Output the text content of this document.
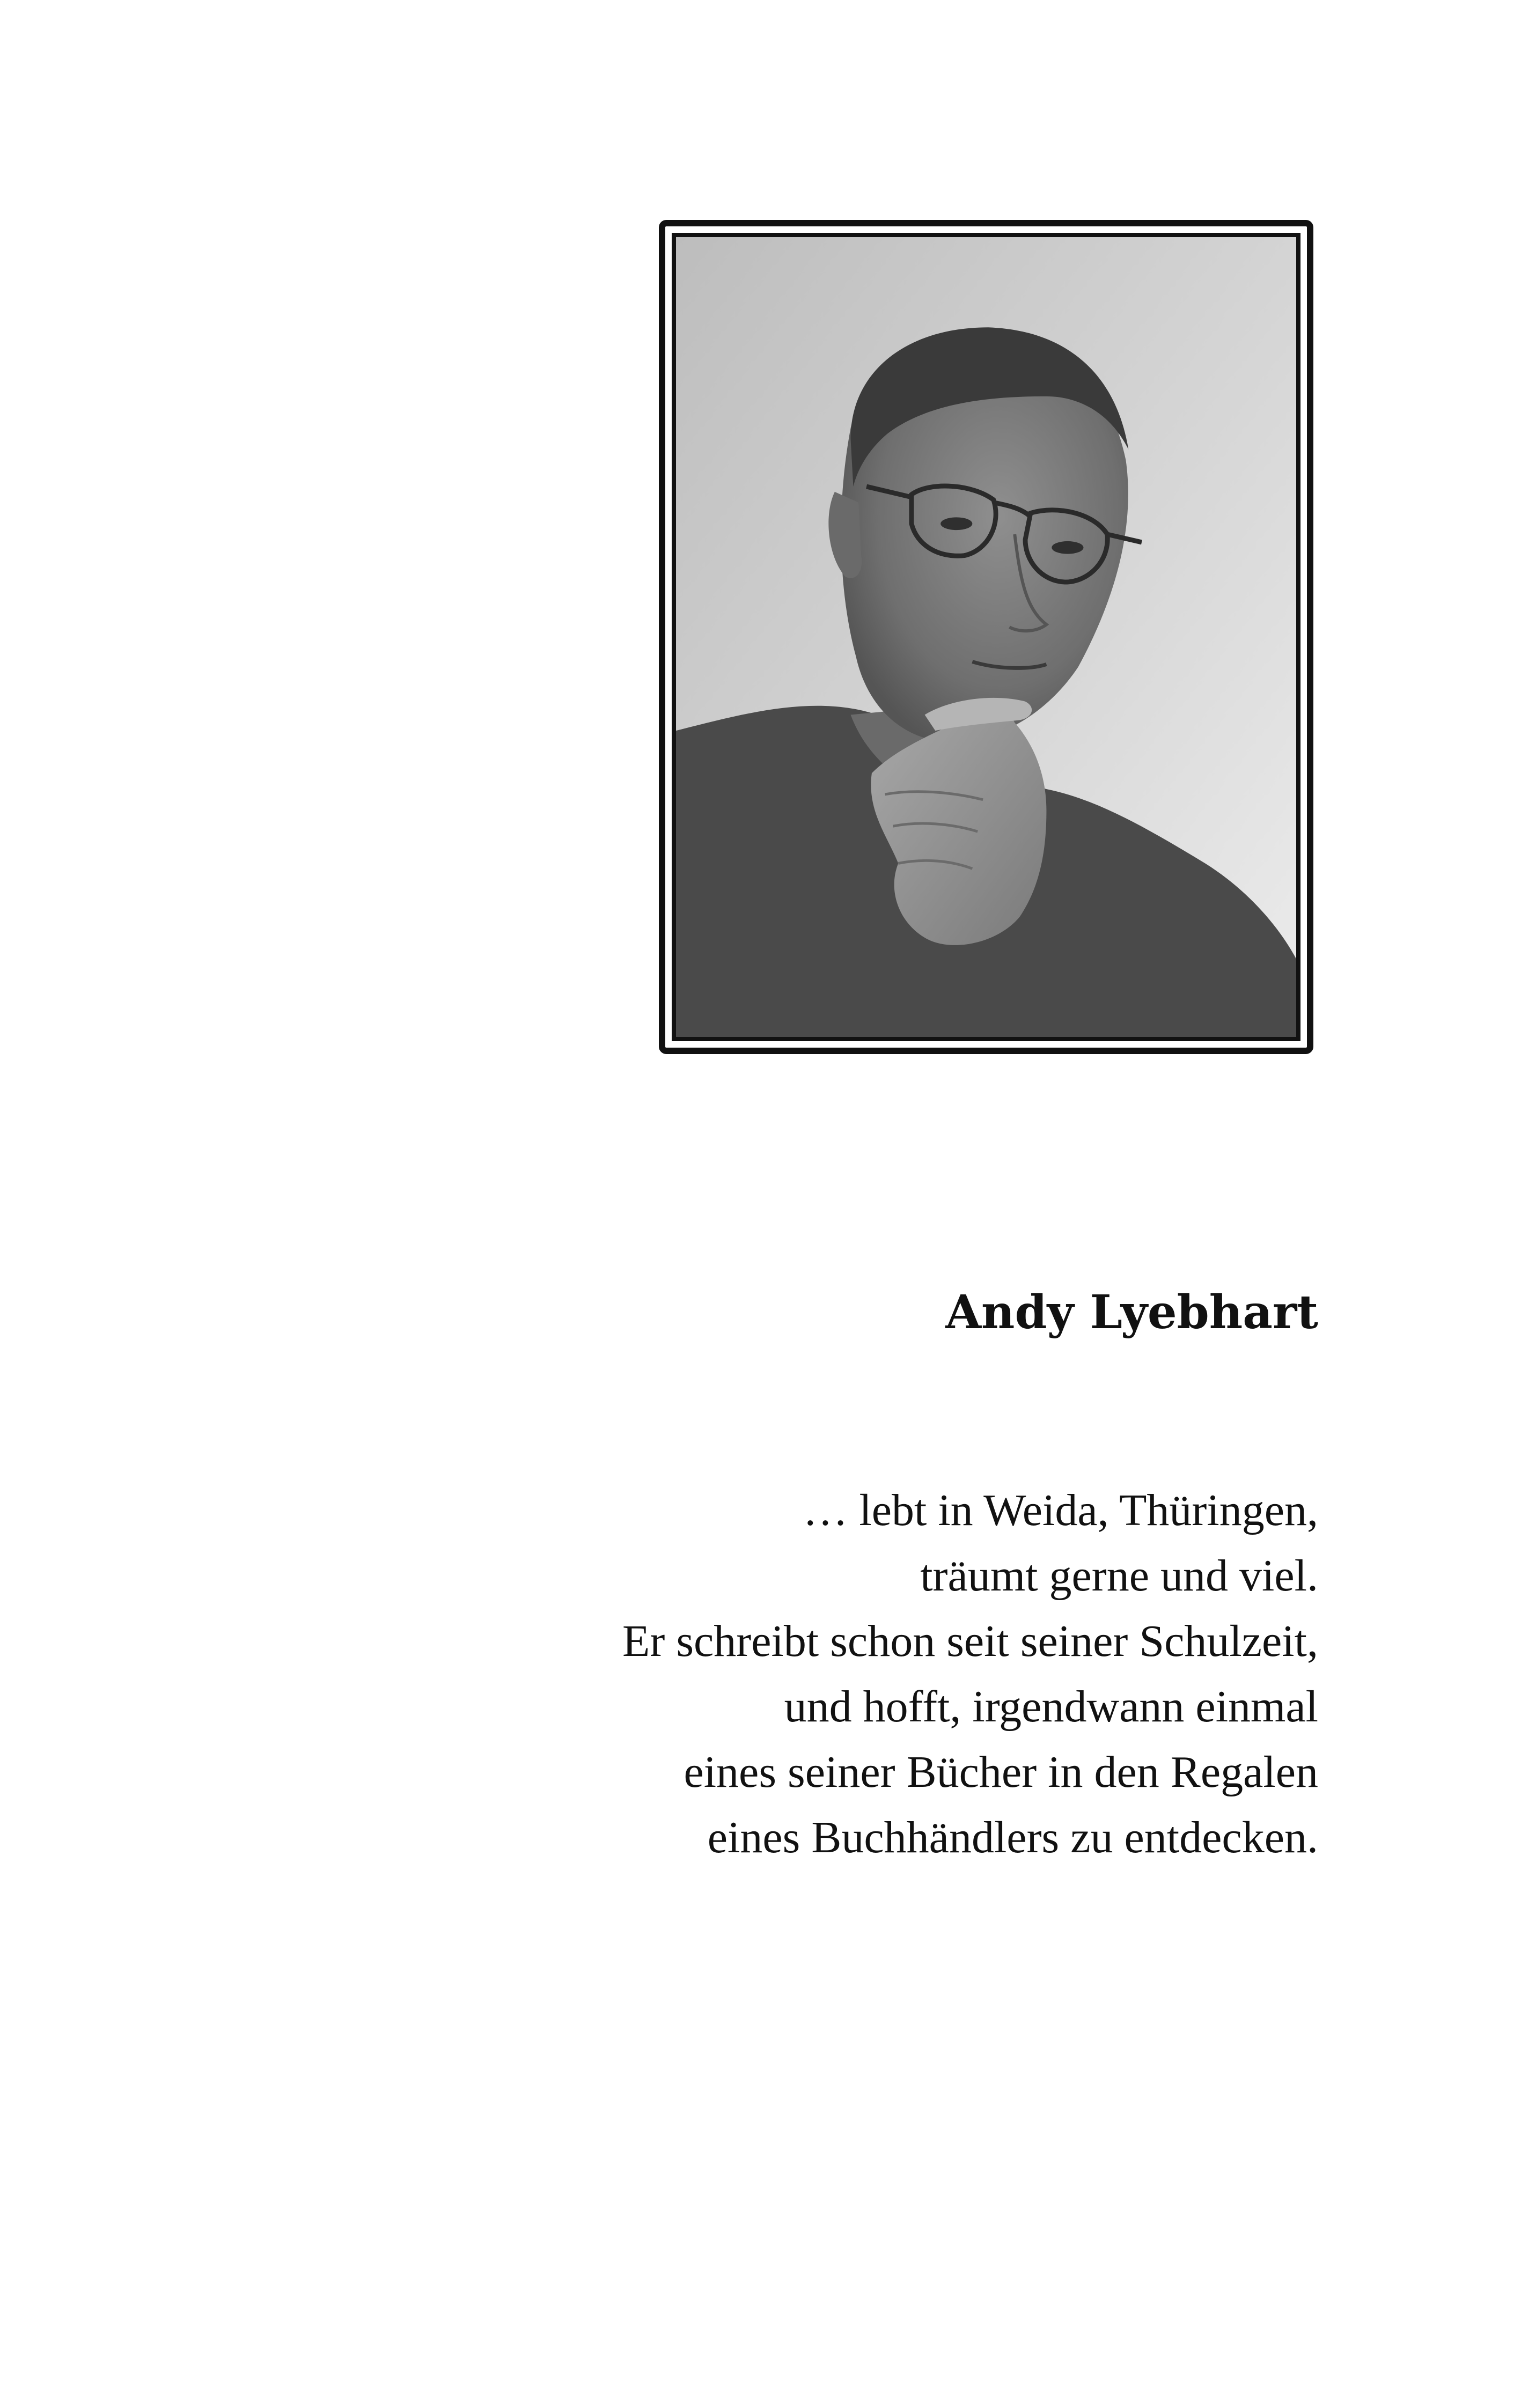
Andy Lyebhart
… lebt in Weida, Thüringen,
träumt gerne und viel.
Er schreibt schon seit seiner Schulzeit,
und hofft, irgendwann einmal
eines seiner Bücher in den Regalen
eines Buchhändlers zu entdecken.
